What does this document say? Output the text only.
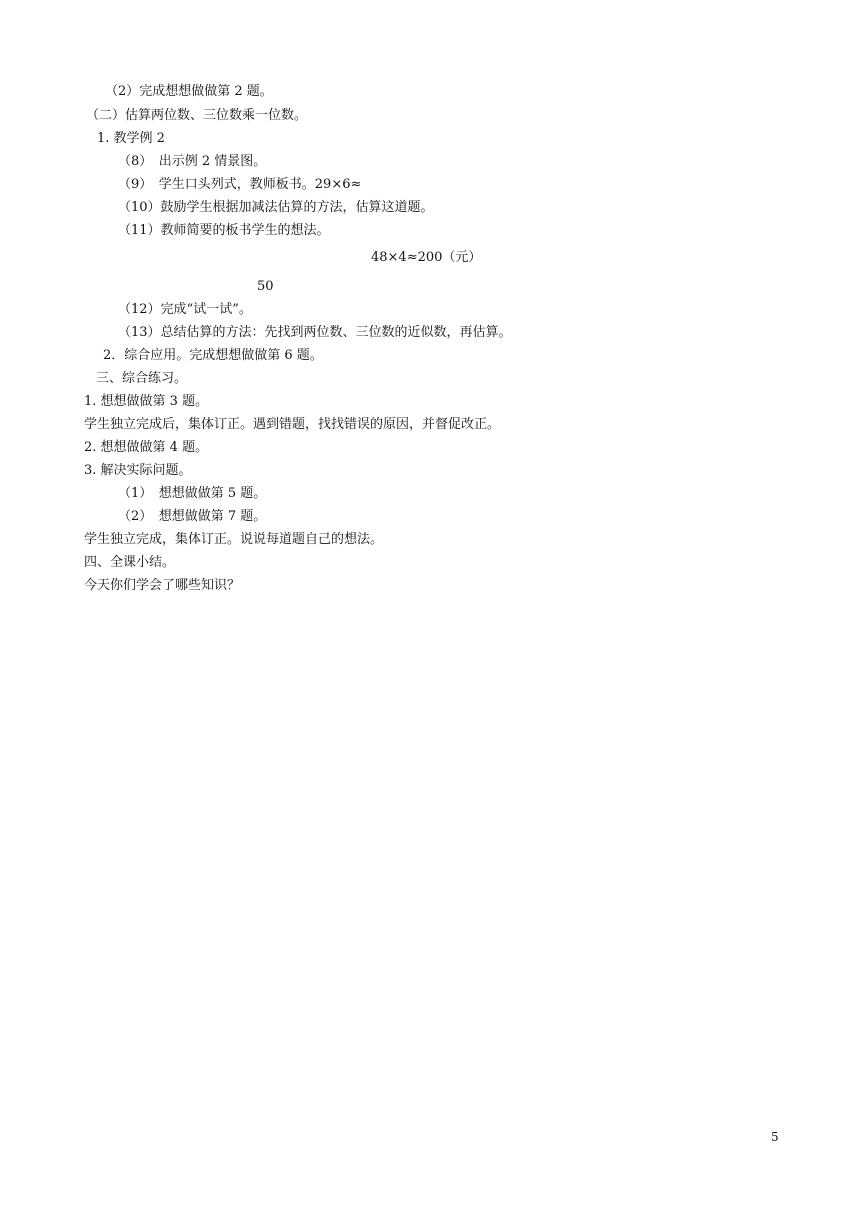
（2）完成想想做做第 2 题。
（二）估算两位数、三位数乘一位数。
1. 教学例 2
（8）　出示例 2 情景图。
（9）　学生口头列式，教师板书。29×6≈
（10）鼓励学生根据加减法估算的方法，估算这道题。
（11）教师简要的板书学生的想法。
48×4≈200（元）
50
（12）完成“试一试”。
（13）总结估算的方法：先找到两位数、三位数的近似数，再估算。
2．综合应用。完成想想做做第 6 题。
三、综合练习。
1. 想想做做第 3 题。
学生独立完成后，集体订正。遇到错题，找找错误的原因，并督促改正。
2. 想想做做第 4 题。
3. 解决实际问题。
（1）　想想做做第 5 题。
（2）　想想做做第 7 题。
学生独立完成，集体订正。说说每道题自己的想法。
四、全课小结。
今天你们学会了哪些知识？
5
